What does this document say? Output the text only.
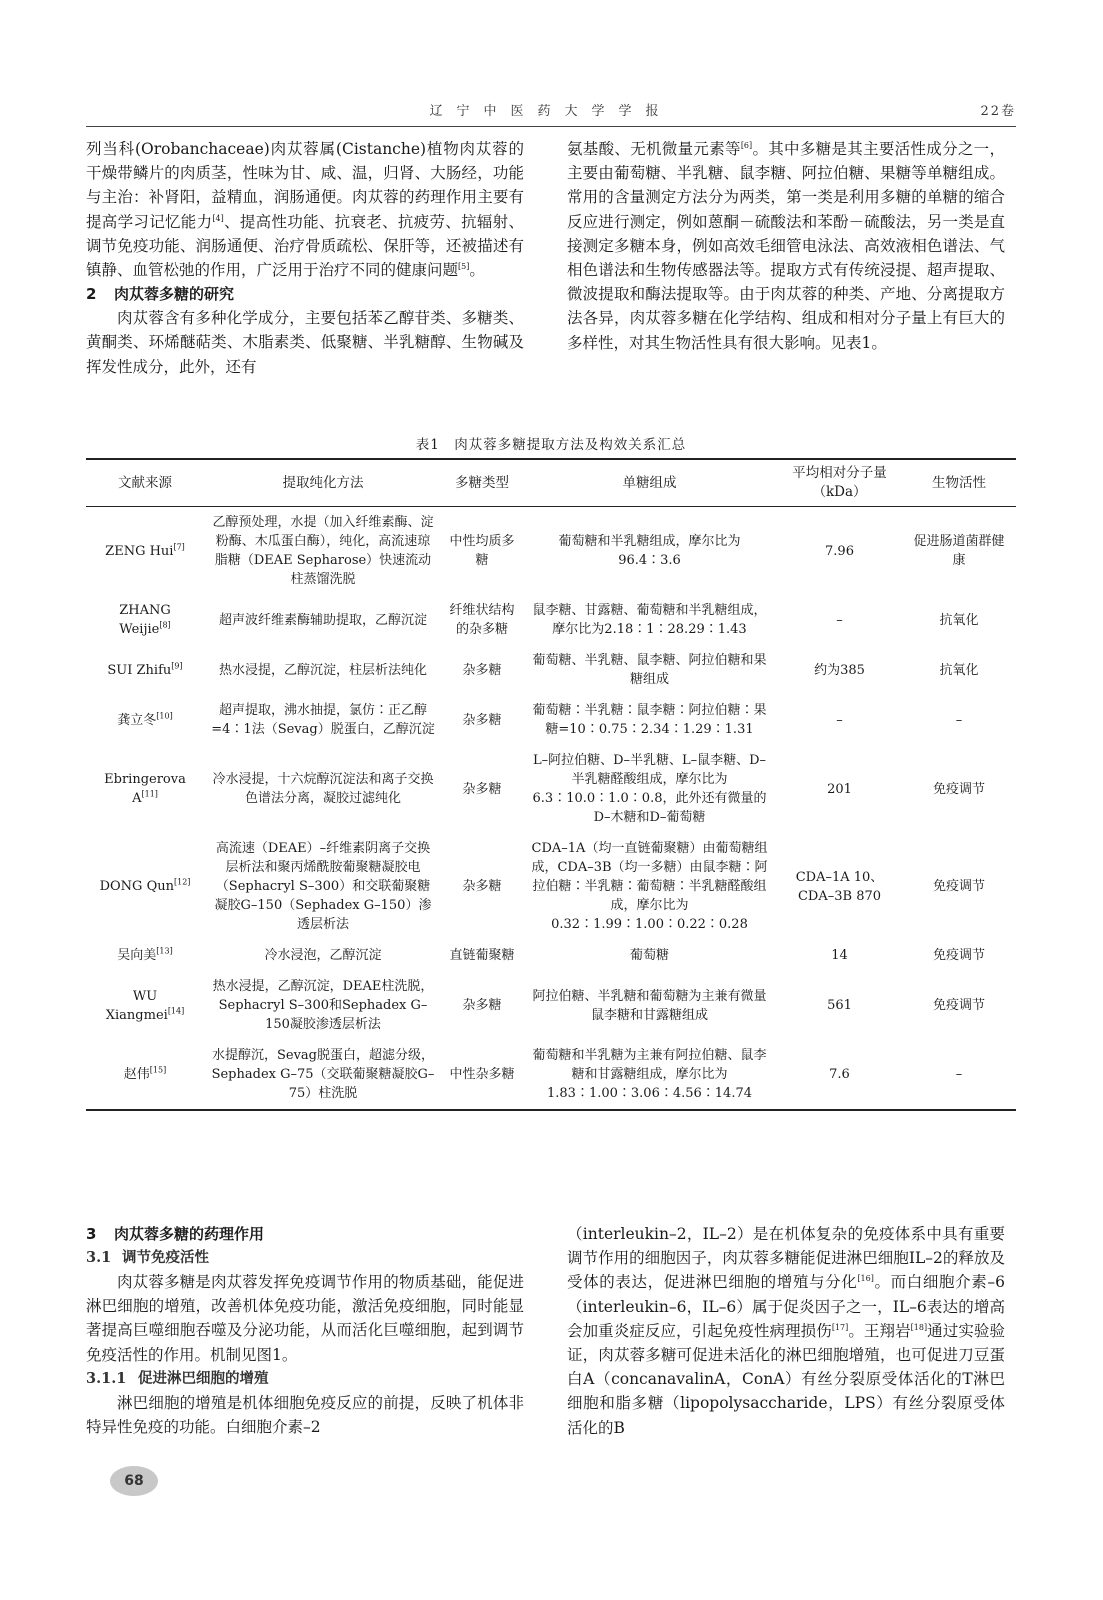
辽宁中医药大学学报	22卷

列当科(Orobanchaceae)肉苁蓉属(Cistanche)植物肉苁蓉的干燥带鳞片的肉质茎，性味为甘、咸、温，归肾、大肠经，功能与主治：补肾阳，益精血，润肠通便。肉苁蓉的药理作用主要有提高学习记忆能力[4]、提高性功能、抗衰老、抗疲劳、抗辐射、调节免疫功能、润肠通便、治疗骨质疏松、保肝等，还被描述有镇静、血管松弛的作用，广泛用于治疗不同的健康问题[5]。

2 肉苁蓉多糖的研究

肉苁蓉含有多种化学成分，主要包括苯乙醇苷类、多糖类、黄酮类、环烯醚萜类、木脂素类、低聚糖、半乳糖醇、生物碱及挥发性成分，此外，还有

氨基酸、无机微量元素等[6]。其中多糖是其主要活性成分之一，主要由葡萄糖、半乳糖、鼠李糖、阿拉伯糖、果糖等单糖组成。常用的含量测定方法分为两类，第一类是利用多糖的单糖的缩合反应进行测定，例如蒽酮－硫酸法和苯酚－硫酸法，另一类是直接测定多糖本身，例如高效毛细管电泳法、高效液相色谱法、气相色谱法和生物传感器法等。提取方式有传统浸提、超声提取、微波提取和酶法提取等。由于肉苁蓉的种类、产地、分离提取方法各异，肉苁蓉多糖在化学结构、组成和相对分子量上有巨大的多样性，对其生物活性具有很大影响。见表1。

表1　肉苁蓉多糖提取方法及构效关系汇总
文献来源	提取纯化方法	多糖类型	单糖组成	平均相对分子量（kDa）	生物活性
ZENG Hui[7]	乙醇预处理，水提（加入纤维素酶、淀粉酶、木瓜蛋白酶），纯化，高流速琼脂糖（DEAE Sepharose）快速流动柱蒸馏洗脱	中性均质多糖	葡萄糖和半乳糖组成，摩尔比为96.4∶3.6	7.96	促进肠道菌群健康
ZHANG Weijie[8]	超声波纤维素酶辅助提取，乙醇沉淀	纤维状结构的杂多糖	鼠李糖、甘露糖、葡萄糖和半乳糖组成，摩尔比为2.18∶1∶28.29∶1.43	–	抗氧化
SUI Zhifu[9]	热水浸提，乙醇沉淀，柱层析法纯化	杂多糖	葡萄糖、半乳糖、鼠李糖、阿拉伯糖和果糖组成	约为385	抗氧化
龚立冬[10]	超声提取，沸水抽提，氯仿∶正乙醇=4∶1法（Sevag）脱蛋白，乙醇沉淀	杂多糖	葡萄糖∶半乳糖∶鼠李糖∶阿拉伯糖∶果糖=10∶0.75∶2.34∶1.29∶1.31	–	–
Ebringerova A[11]	冷水浸提，十六烷醇沉淀法和离子交换色谱法分离，凝胶过滤纯化	杂多糖	L–阿拉伯糖、D–半乳糖、L–鼠李糖、D–半乳糖醛酸组成，摩尔比为6.3∶10.0∶1.0∶0.8，此外还有微量的D–木糖和D–葡萄糖	201	免疫调节
DONG Qun[12]	高流速（DEAE）–纤维素阴离子交换层析法和聚丙烯酰胺葡聚糖凝胶电（Sephacryl S–300）和交联葡聚糖凝胶G–150（Sephadex G–150）渗透层析法	杂多糖	CDA–1A（均一直链葡聚糖）由葡萄糖组成，CDA–3B（均一多糖）由鼠李糖∶阿拉伯糖∶半乳糖∶葡萄糖∶半乳糖醛酸组成，摩尔比为0.32∶1.99∶1.00∶0.22∶0.28	CDA–1A 10、CDA–3B 870	免疫调节
吴向美[13]	冷水浸泡，乙醇沉淀	直链葡聚糖	葡萄糖	14	免疫调节
WU Xiangmei[14]	热水浸提，乙醇沉淀，DEAE柱洗脱，Sephacryl S–300和Sephadex G–150凝胶渗透层析法	杂多糖	阿拉伯糖、半乳糖和葡萄糖为主兼有微量鼠李糖和甘露糖组成	561	免疫调节
赵伟[15]	水提醇沉，Sevag脱蛋白，超滤分级，Sephadex G–75（交联葡聚糖凝胶G–75）柱洗脱	中性杂多糖	葡萄糖和半乳糖为主兼有阿拉伯糖、鼠李糖和甘露糖组成，摩尔比为1.83∶1.00∶3.06∶4.56∶14.74	7.6	–
3 肉苁蓉多糖的药理作用
3.1 调节免疫活性

肉苁蓉多糖是肉苁蓉发挥免疫调节作用的物质基础，能促进淋巴细胞的增殖，改善机体免疫功能，激活免疫细胞，同时能显著提高巨噬细胞吞噬及分泌功能，从而活化巨噬细胞，起到调节免疫活性的作用。机制见图1。

3.1.1 促进淋巴细胞的增殖

淋巴细胞的增殖是机体细胞免疫反应的前提，反映了机体非特异性免疫的功能。白细胞介素–2

（interleukin–2，IL–2）是在机体复杂的免疫体系中具有重要调节作用的细胞因子，肉苁蓉多糖能促进淋巴细胞IL–2的释放及受体的表达，促进淋巴细胞的增殖与分化[16]。而白细胞介素–6（interleukin–6，IL–6）属于促炎因子之一，IL–6表达的增高会加重炎症反应，引起免疫性病理损伤[17]。王翔岩[18]通过实验验证，肉苁蓉多糖可促进未活化的淋巴细胞增殖，也可促进刀豆蛋白A（concanavalinA，ConA）有丝分裂原受体活化的T淋巴细胞和脂多糖（lipopolysaccharide，LPS）有丝分裂原受体活化的B

68
